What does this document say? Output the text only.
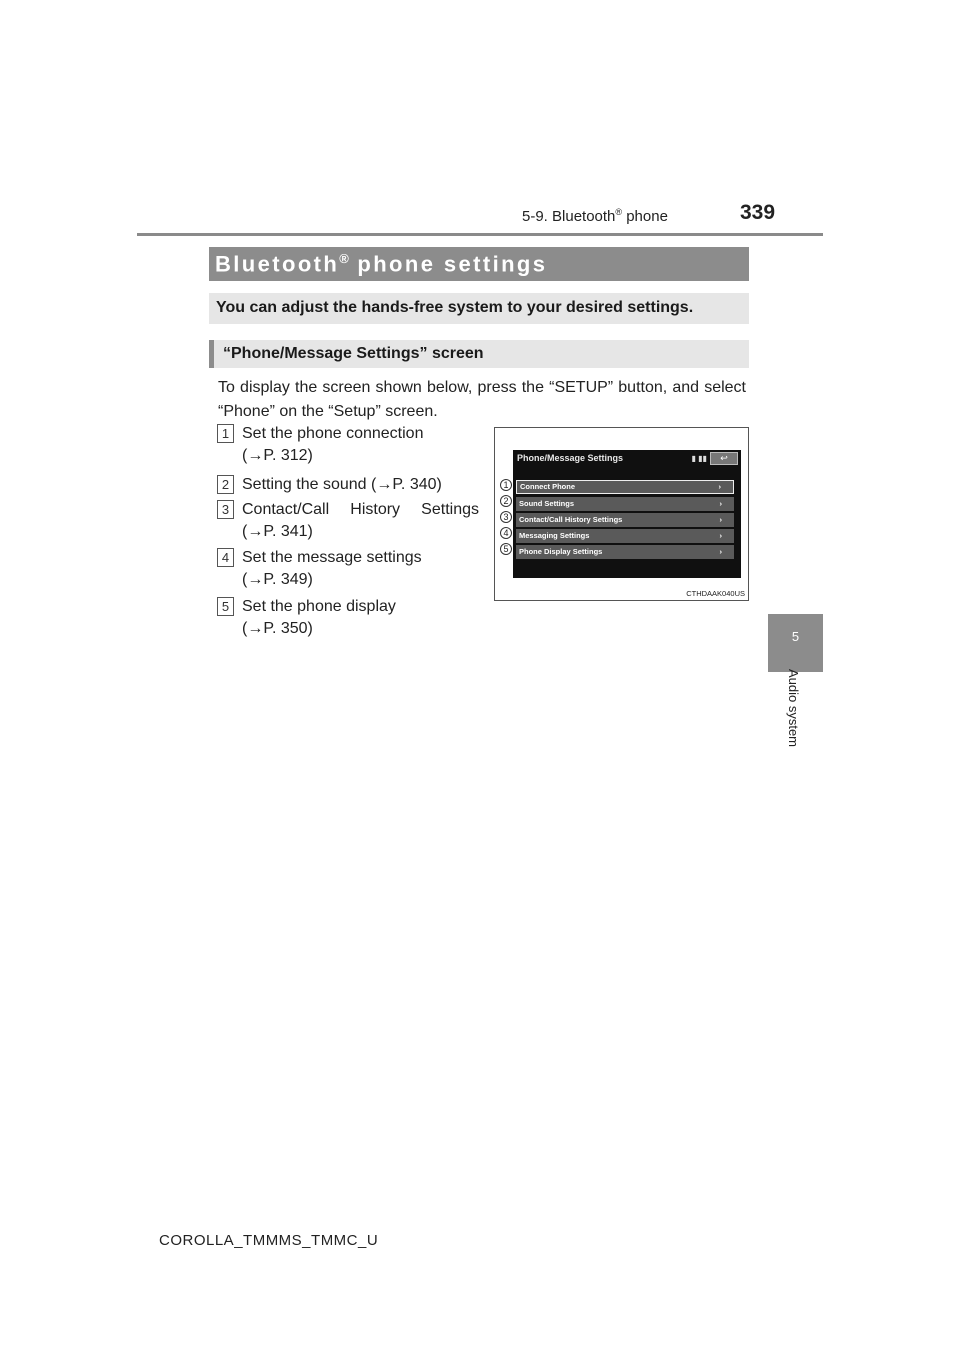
5-9. Bluetooth® phone	339
5
Audio system
Bluetooth® phone settings
You can adjust the hands-free system to your desired settings.
“Phone/Message Settings” screen
To display the screen shown below, press the “SETUP” button, and select “Phone” on the “Setup” screen.
1 Set the phone connection
(→P. 312)
2 Setting the sound (→P. 340)
3 Contact/Call History Settings
(→P. 341)
4 Set the message settings
(→P. 349)
5 Set the phone display
(→P. 350)
Phone/Message Settings	▮ ▮▮	↩
Connect Phone	›
Sound Settings	›
Contact/Call History Settings	›
Messaging Settings	›
Phone Display Settings	›
1
2
3
4
5
CTHDAAK040US
COROLLA_TMMMS_TMMC_U
